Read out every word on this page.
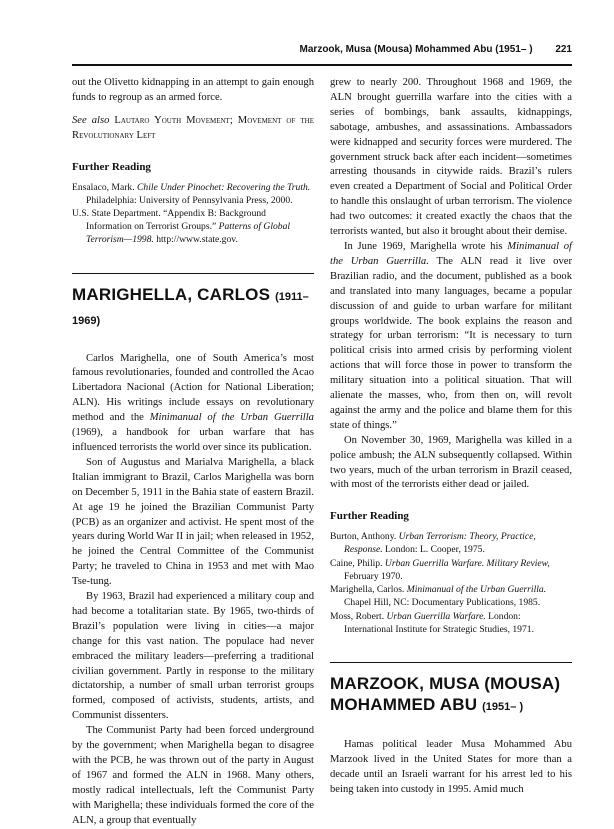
Marzook, Musa (Mousa) Mohammed Abu (1951– ) 221

out the Olivetto kidnapping in an attempt to gain enough funds to regroup as an armed force.

See also Lautaro Youth Movement; Movement of the Revolutionary Left

Further Reading

Ensalaco, Mark. Chile Under Pinochet: Recovering the Truth. Philadelphia: University of Pennsylvania Press, 2000.

U.S. State Department. “Appendix B: Background Information on Terrorist Groups.” Patterns of Global Terrorism—1998. http://www.state.gov.

MARIGHELLA, CARLOS (1911–1969)

Carlos Marighella, one of South America’s most famous revolutionaries, founded and controlled the Acao Libertadora Nacional (Action for National Liberation; ALN). His writings include essays on revolutionary method and the Minimanual of the Urban Guerrilla (1969), a handbook for urban warfare that has influenced terrorists the world over since its publication.

Son of Augustus and Marialva Marighella, a black Italian immigrant to Brazil, Carlos Marighella was born on December 5, 1911 in the Bahia state of eastern Brazil. At age 19 he joined the Brazilian Communist Party (PCB) as an organizer and activist. He spent most of the years during World War II in jail; when released in 1952, he joined the Central Committee of the Communist Party; he traveled to China in 1953 and met with Mao Tse-tung.

By 1963, Brazil had experienced a military coup and had become a totalitarian state. By 1965, two-thirds of Brazil’s population were living in cities—a major change for this vast nation. The populace had never embraced the military leaders—preferring a traditional civilian government. Partly in response to the military dictatorship, a number of small urban terrorist groups formed, composed of activists, students, artists, and Communist dissenters.

The Communist Party had been forced underground by the government; when Marighella began to disagree with the PCB, he was thrown out of the party in August of 1967 and formed the ALN in 1968. Many others, mostly radical intellectuals, left the Communist Party with Marighella; these individuals formed the core of the ALN, a group that eventually

grew to nearly 200. Throughout 1968 and 1969, the ALN brought guerrilla warfare into the cities with a series of bombings, bank assaults, kidnappings, sabotage, ambushes, and assassinations. Ambassadors were kidnapped and security forces were murdered. The government struck back after each incident—sometimes arresting thousands in citywide raids. Brazil’s rulers even created a Department of Social and Political Order to handle this onslaught of urban terrorism. The violence had two outcomes: it created exactly the chaos that the terrorists wanted, but also it brought about their demise.

In June 1969, Marighella wrote his Minimanual of the Urban Guerrilla. The ALN read it live over Brazilian radio, and the document, published as a book and translated into many languages, became a popular discussion of and guide to urban warfare for militant groups worldwide. The book explains the reason and strategy for urban terrorism: “It is necessary to turn political crisis into armed crisis by performing violent actions that will force those in power to transform the military situation into a political situation. That will alienate the masses, who, from then on, will revolt against the army and the police and blame them for this state of things.”

On November 30, 1969, Marighella was killed in a police ambush; the ALN subsequently collapsed. Within two years, much of the urban terrorism in Brazil ceased, with most of the terrorists either dead or jailed.

Further Reading

Burton, Anthony. Urban Terrorism: Theory, Practice, Response. London: L. Cooper, 1975.

Caine, Philip. Urban Guerrilla Warfare. Military Review, February 1970.

Marighella, Carlos. Minimanual of the Urban Guerrilla. Chapel Hill, NC: Documentary Publications, 1985.

Moss, Robert. Urban Guerrilla Warfare. London: International Institute for Strategic Studies, 1971.

MARZOOK, MUSA (MOUSA) MOHAMMED ABU (1951– )

Hamas political leader Musa Mohammed Abu Marzook lived in the United States for more than a decade until an Israeli warrant for his arrest led to his being taken into custody in 1995. Amid much
